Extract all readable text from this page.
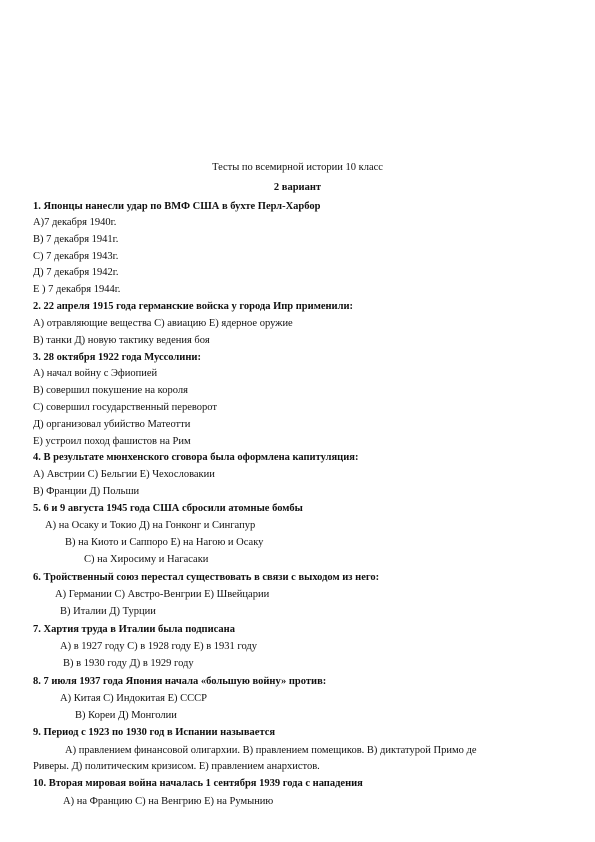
Тесты по всемирной истории 10 класс

2 вариант

1. Японцы нанесли удар по ВМФ США в бухте Перл-Харбор

А)7 декабря 1940г.

В) 7 декабря 1941г.

С) 7 декабря 1943г.

Д) 7 декабря 1942г.

Е ) 7 декабря 1944г.

2. 22 апреля 1915 года германские войска у города Ипр применили:

А) отравляющие вещества С) авиацию Е) ядерное оружие

В) танки Д) новую тактику ведения боя

3. 28 октября 1922 года Муссолини:

А) начал войну с Эфиопией

В) совершил покушение на короля

С) совершил государственный переворот

Д) организовал убийство Матеотти

Е) устроил поход фашистов на Рим

4. В результате мюнхенского сговора была оформлена капитуляция:

А) Австрии С) Бельгии Е) Чехословакии

В) Франции Д) Польши

5. 6 и 9 августа 1945 года США сбросили атомные бомбы

А) на Осаку и Токио Д) на Гонконг и Сингапур

В) на Киото и Саппоро Е) на Нагою и Осаку

С) на Хиросиму и Нагасаки

6. Тройственный союз перестал существовать в связи с выходом из него:

А) Германии С) Австро-Венгрии Е) Швейцарии

В) Италии Д) Турции

7. Хартия труда в Италии была подписана

А) в 1927 году С) в 1928 году Е) в 1931 году

В) в 1930 году Д) в 1929 году

8. 7 июля 1937 года Япония начала «большую войну» против:

А) Китая С) Индокитая Е) СССР

В) Кореи Д) Монголии

9. Период с 1923 по 1930 год в Испании называется

А) правлением финансовой олигархии. В) правлением помещиков. В) диктатурой Примо де

Риверы. Д) политическим кризисом. Е) правлением анархистов.

10. Вторая мировая война началась 1 сентября 1939 года с нападения

А) на Францию С) на Венгрию Е) на Румынию
